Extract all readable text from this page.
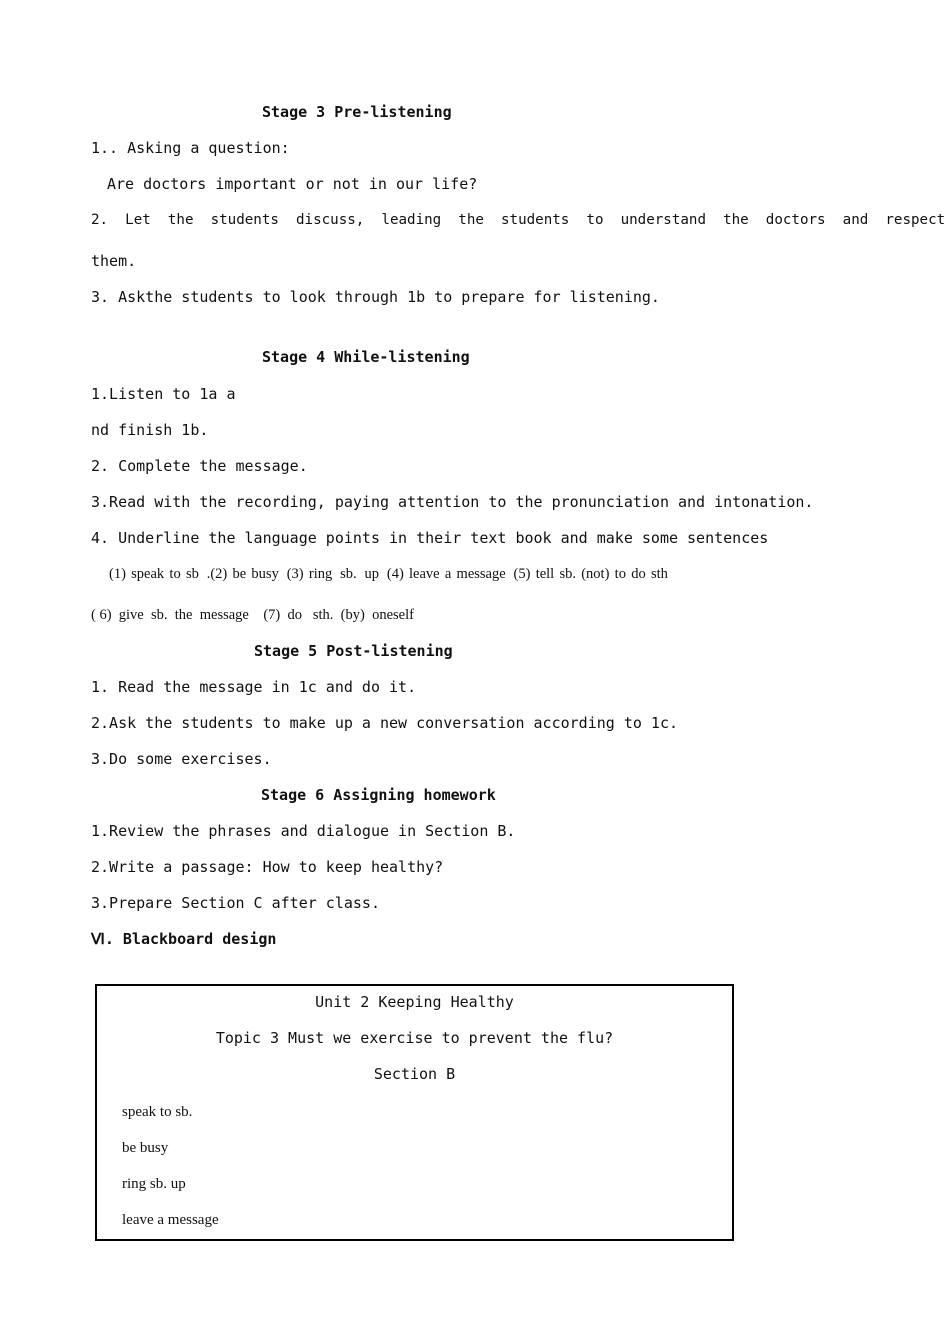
Stage 3 Pre-listening
1.. Asking a question:
Are doctors important or not in our life?
2.  Let  the  students  discuss,  leading  the  students  to  understand  the  doctors  and  respect
them.
3. Askthe students to look through 1b to prepare for listening.
Stage 4 While-listening
1.Listen to 1a a
nd finish 1b.
2. Complete the message.
3.Read with the recording, paying attention to the pronunciation and intonation.
4. Underline the language points in their text book and make some sentences
(1)  speak  to  sb   .(2)  be  busy   (3)  ring   sb.   up   (4)  leave  a  message   (5)  tell  sb.  (not)  to  do  sth
( 6)  give  sb.  the  message    (7)  do   sth.  (by)  oneself
Stage 5 Post-listening
1. Read the message in 1c and do it.
2.Ask the students to make up a new conversation according to 1c.
3.Do some exercises.
Stage 6 Assigning homework
1.Review the phrases and dialogue in Section B.
2.Write a passage: How to keep healthy?
3.Prepare Section C after class.
Ⅵ. Blackboard design
Unit 2 Keeping Healthy
Topic 3 Must we exercise to prevent the flu?
Section B
speak to sb.
be busy
ring sb. up
leave a message
